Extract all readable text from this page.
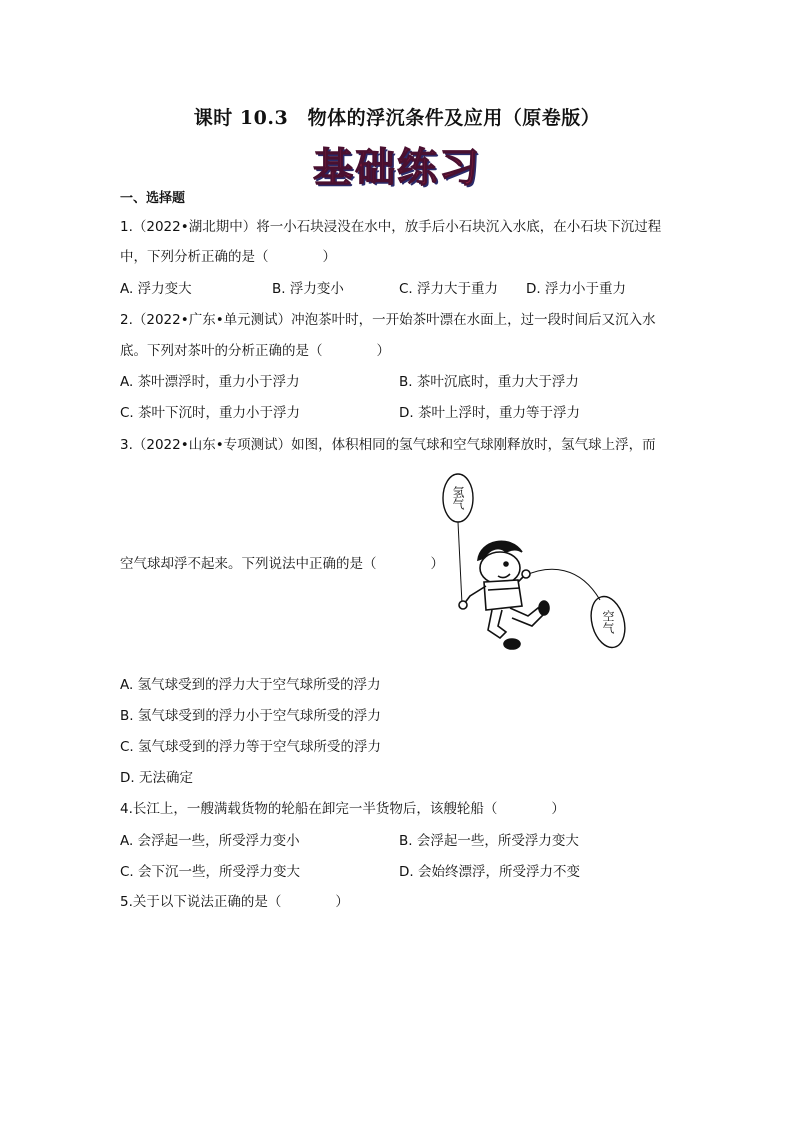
课时 10.3　物体的浮沉条件及应用（原卷版）
基础练习
一、选择题
1.（2022•湖北期中）将一小石块浸没在水中，放手后小石块沉入水底，在小石块下沉过程
中，下列分析正确的是（　　　　）
A. 浮力变大	B. 浮力变小	C. 浮力大于重力 D. 浮力小于重力
2.（2022•广东•单元测试）冲泡茶叶时，一开始茶叶漂在水面上，过一段时间后又沉入水
底。下列对茶叶的分析正确的是（　　　　）
A. 茶叶漂浮时，重力小于浮力	B. 茶叶沉底时，重力大于浮力
C. 茶叶下沉时，重力小于浮力	D. 茶叶上浮时，重力等于浮力
3.（2022•山东•专项测试）如图，体积相同的氢气球和空气球刚释放时，氢气球上浮，而
空气球却浮不起来。下列说法中正确的是（　　　　）
氢气
空气
A. 氢气球受到的浮力大于空气球所受的浮力
B. 氢气球受到的浮力小于空气球所受的浮力
C. 氢气球受到的浮力等于空气球所受的浮力
D. 无法确定
4.长江上，一艘满载货物的轮船在卸完一半货物后，该艘轮船（　　　　）
A. 会浮起一些，所受浮力变小	B. 会浮起一些，所受浮力变大
C. 会下沉一些，所受浮力变大	D. 会始终漂浮，所受浮力不变
5.关于以下说法正确的是（　　　　）
